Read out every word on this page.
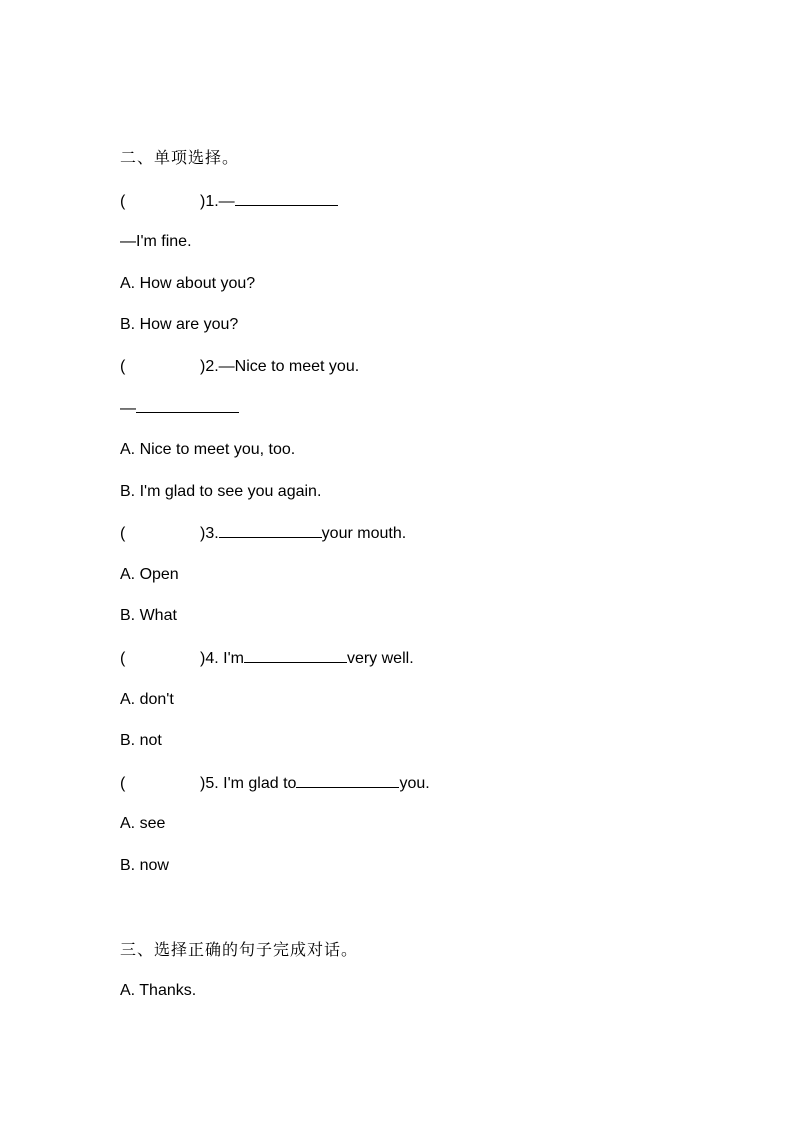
二、单项选择。
(	)1.—
—I'm fine.
A. How about you?
B. How are you?
(	)2.—Nice to meet you.
—
A. Nice to meet you, too.
B. I'm glad to see you again.
(	)3.	your mouth.
A. Open
B. What
(	)4. I'm	very well.
A. don't
B. not
(	)5. I'm glad to	you.
A. see
B. now
三、选择正确的句子完成对话。
A. Thanks.
